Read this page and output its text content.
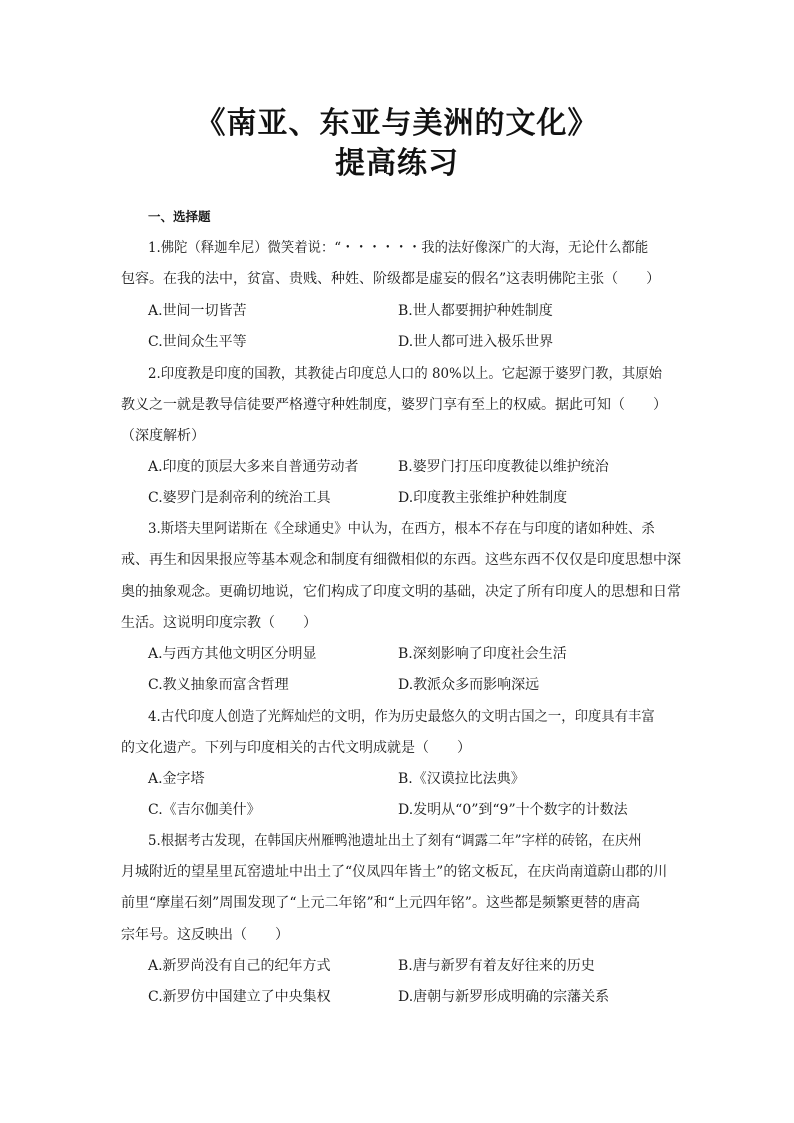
《南亚、东亚与美洲的文化》
提高练习
一、选择题
1.佛陀（释迦牟尼）微笑着说：“・・・・・・我的法好像深广的大海，无论什么都能
包容。在我的法中，贫富、贵贱、种姓、阶级都是虚妄的假名”这表明佛陀主张（　　）
A.世间一切皆苦	B.世人都要拥护种姓制度
C.世间众生平等	D.世人都可进入极乐世界
2.印度教是印度的国教，其教徒占印度总人口的 80%以上。它起源于婆罗门教，其原始
教义之一就是教导信徒要严格遵守种姓制度，婆罗门享有至上的权威。据此可知（　　）
（深度解析）
A.印度的顶层大多来自普通劳动者	B.婆罗门打压印度教徒以维护统治
C.婆罗门是刹帝利的统治工具	D.印度教主张维护种姓制度
3.斯塔夫里阿诺斯在《全球通史》中认为，在西方，根本不存在与印度的诸如种姓、杀
戒、再生和因果报应等基本观念和制度有细微相似的东西。这些东西不仅仅是印度思想中深
奥的抽象观念。更确切地说，它们构成了印度文明的基础，决定了所有印度人的思想和日常
生活。这说明印度宗教（　　）
A.与西方其他文明区分明显	B.深刻影响了印度社会生活
C.教义抽象而富含哲理	D.教派众多而影响深远
4.古代印度人创造了光辉灿烂的文明，作为历史最悠久的文明古国之一，印度具有丰富
的文化遗产。下列与印度相关的古代文明成就是（　　）
A.金字塔	B.《汉谟拉比法典》
C.《吉尔伽美什》	D.发明从“0”到“9”十个数字的计数法
5.根据考古发现，在韩国庆州雁鸭池遗址出土了刻有“调露二年”字样的砖铭，在庆州
月城附近的望星里瓦窑遗址中出土了“仪凤四年皆土”的铭文板瓦，在庆尚南道蔚山郡的川
前里“摩崖石刻”周围发现了“上元二年铭”和“上元四年铭”。这些都是频繁更替的唐高
宗年号。这反映出（　　）
A.新罗尚没有自己的纪年方式	B.唐与新罗有着友好往来的历史
C.新罗仿中国建立了中央集权	D.唐朝与新罗形成明确的宗藩关系
